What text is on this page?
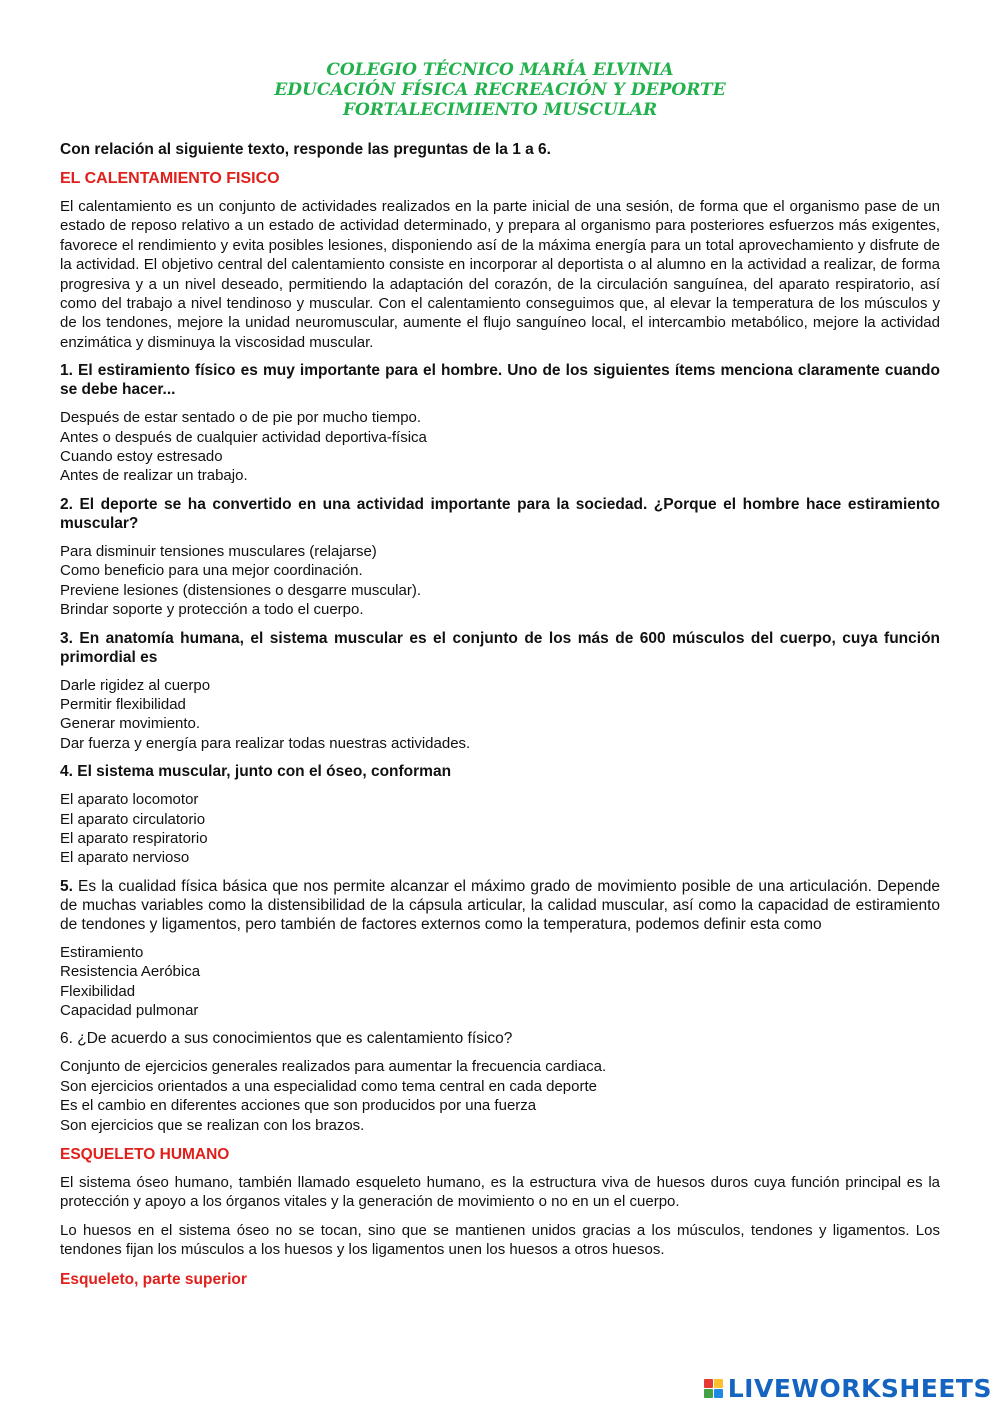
COLEGIO TÉCNICO MARÍA ELVINIA
EDUCACIÓN FÍSICA RECREACIÓN Y DEPORTE
FORTALECIMIENTO MUSCULAR

Con relación al siguiente texto, responde las preguntas de la 1 a 6.

EL CALENTAMIENTO FISICO

El calentamiento es un conjunto de actividades realizados en la parte inicial de una sesión, de forma que el organismo pase de un estado de reposo relativo a un estado de actividad determinado, y prepara al organismo para posteriores esfuerzos más exigentes, favorece el rendimiento y evita posibles lesiones, disponiendo así de la máxima energía para un total aprovechamiento y disfrute de la actividad. El objetivo central del calentamiento consiste en incorporar al deportista o al alumno en la actividad a realizar, de forma progresiva y a un nivel deseado, permitiendo la adaptación del corazón, de la circulación sanguínea, del aparato respiratorio, así como del trabajo a nivel tendinoso y muscular. Con el calentamiento conseguimos que, al elevar la temperatura de los músculos y de los tendones, mejore la unidad neuromuscular, aumente el flujo sanguíneo local, el intercambio metabólico, mejore la actividad enzimática y disminuya la viscosidad muscular.

1. El estiramiento físico es muy importante para el hombre. Uno de los siguientes ítems menciona claramente cuando se debe hacer...

Después de estar sentado o de pie por mucho tiempo.
Antes o después de cualquier actividad deportiva-física
Cuando estoy estresado
Antes de realizar un trabajo.

2. El deporte se ha convertido en una actividad importante para la sociedad. ¿Porque el hombre hace estiramiento muscular?

Para disminuir tensiones musculares (relajarse)
Como beneficio para una mejor coordinación.
Previene lesiones (distensiones o desgarre muscular).
Brindar soporte y protección a todo el cuerpo.

3. En anatomía humana, el sistema muscular es el conjunto de los más de 600 músculos del cuerpo, cuya función primordial es

Darle rigidez al cuerpo
Permitir flexibilidad
Generar movimiento.
Dar fuerza y energía para realizar todas nuestras actividades.

4. El sistema muscular, junto con el óseo, conforman

El aparato locomotor
El aparato circulatorio
El aparato respiratorio
El aparato nervioso

5. Es la cualidad física básica que nos permite alcanzar el máximo grado de movimiento posible de una articulación. Depende de muchas variables como la distensibilidad de la cápsula articular, la calidad muscular, así como la capacidad de estiramiento de tendones y ligamentos, pero también de factores externos como la temperatura, podemos definir esta como

Estiramiento
Resistencia Aeróbica
Flexibilidad
Capacidad pulmonar

6. ¿De acuerdo a sus conocimientos que es calentamiento físico?

Conjunto de ejercicios generales realizados para aumentar la frecuencia cardiaca.
Son ejercicios orientados a una especialidad como tema central en cada deporte
Es el cambio en diferentes acciones que son producidos por una fuerza
Son ejercicios que se realizan con los brazos.
ESQUELETO HUMANO

El sistema óseo humano, también llamado esqueleto humano, es la estructura viva de huesos duros cuya función principal es la protección y apoyo a los órganos vitales y la generación de movimiento o no en un el cuerpo.

Lo huesos en el sistema óseo no se tocan, sino que se mantienen unidos gracias a los músculos, tendones y ligamentos. Los tendones fijan los músculos a los huesos y los ligamentos unen los huesos a otros huesos.

Esqueleto, parte superior
LIVEWORKSHEETS
